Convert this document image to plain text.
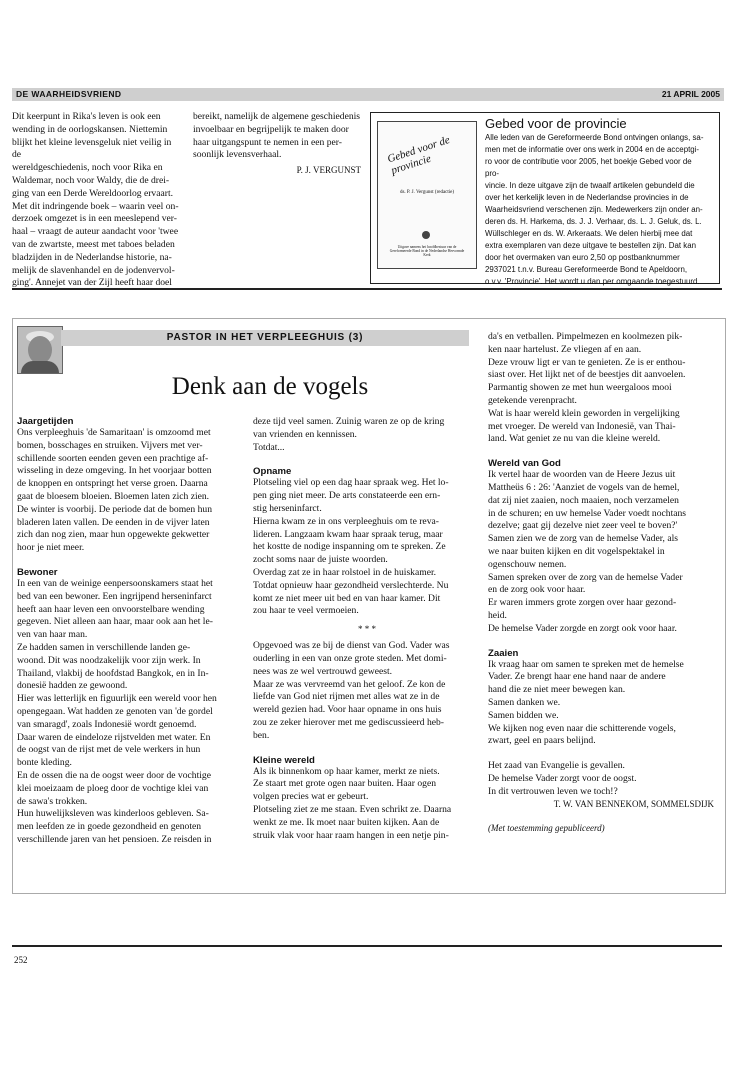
DE WAARHEIDSVRIEND	21 APRIL 2005
Dit keerpunt in Rika's leven is ook een
wending in de oorlogskansen. Niettemin
blijkt het kleine levensgeluk niet veilig in de
wereldgeschiedenis, noch voor Rika en
Waldemar, noch voor Waldy, die de drei-
ging van een Derde Wereldoorlog ervaart.
Met dit indringende boek – waarin veel on-
derzoek omgezet is in een meeslepend ver-
haal – vraagt de auteur aandacht voor 'twee
van de zwartste, meest met taboes beladen
bladzijden in de Nederlandse historie, na-
melijk de slavenhandel en de jodenvervol-
ging'. Annejet van der Zijl heeft haar doel
bereikt, namelijk de algemene geschiedenis
invoelbaar en begrijpelijk te maken door
haar uitgangspunt te nemen in een per-
soonlijk levensverhaal.
P. J. VERGUNST
Gebed voor de provincie
ds. P. J. Vergunst (redactie)
Uitgave namens het hoofdbestuur van de Gereformeerde Bond in de Nederlandse Hervormde Kerk
Gebed voor de provincie
Alle leden van de Gereformeerde Bond ontvingen onlangs, sa-
men met de informatie over ons werk in 2004 en de acceptgi-
ro voor de contributie voor 2005, het boekje Gebed voor de pro-
vincie. In deze uitgave zijn de twaalf artikelen gebundeld die
over het kerkelijk leven in de Nederlandse provincies in de
Waarheidsvriend verschenen zijn. Medewerkers zijn onder an-
deren ds. H. Harkema, ds. J. J. Verhaar, ds. L. J. Geluk, ds. L.
Wüllschleger en ds. W. Arkeraats. We delen hierbij mee dat
extra exemplaren van deze uitgave te bestellen zijn. Dat kan
door het overmaken van euro 2,50 op postbanknummer
2937021 t.n.v. Bureau Gereformeerde Bond te Apeldoorn,
o.v.v. 'Provincie'. Het wordt u dan per omgaande toegestuurd.
PASTOR IN HET VERPLEEGHUIS (3)
Denk aan de vogels
Jaargetijden
Ons verpleeghuis 'de Samaritaan' is omzoomd met
bomen, bosschages en struiken. Vijvers met ver-
schillende soorten eenden geven een prachtige af-
wisseling in deze omgeving. In het voorjaar botten
de knoppen en ontspringt het verse groen. Daarna
gaat de bloesem bloeien. Bloemen laten zich zien.
De winter is voorbij. De periode dat de bomen hun
bladeren laten vallen. De eenden in de vijver laten
zich dan nog zien, maar hun opgewekte gekwetter
hoor je niet meer.
Bewoner
In een van de weinige eenpersoonskamers staat het
bed van een bewoner. Een ingrijpend herseninfarct
heeft aan haar leven een onvoorstelbare wending
gegeven. Niet alleen aan haar, maar ook aan het le-
ven van haar man.
Ze hadden samen in verschillende landen ge-
woond. Dit was noodzakelijk voor zijn werk. In
Thailand, vlakbij de hoofdstad Bangkok, en in In-
donesië hadden ze gewoond.
Hier was letterlijk en figuurlijk een wereld voor hen
opengegaan. Wat hadden ze genoten van 'de gordel
van smaragd', zoals Indonesië wordt genoemd.
Daar waren de eindeloze rijstvelden met water. En
de oogst van de rijst met de vele werkers in hun
bonte kleding.
En de ossen die na de oogst weer door de vochtige
klei moeizaam de ploeg door de vochtige klei van
de sawa's trokken.
Hun huwelijksleven was kinderloos gebleven. Sa-
men leefden ze in goede gezondheid en genoten
verschillende jaren van het pensioen. Ze reisden in
deze tijd veel samen. Zuinig waren ze op de kring
van vrienden en kennissen.
Totdat...
Opname
Plotseling viel op een dag haar spraak weg. Het lo-
pen ging niet meer. De arts constateerde een ern-
stig herseninfarct.
Hierna kwam ze in ons verpleeghuis om te reva-
lideren. Langzaam kwam haar spraak terug, maar
het kostte de nodige inspanning om te spreken. Ze
zocht soms naar de juiste woorden.
Overdag zat ze in haar rolstoel in de huiskamer.
Totdat opnieuw haar gezondheid verslechterde. Nu
komt ze niet meer uit bed en van haar kamer. Dit
zou haar te veel vermoeien.
* * *
Opgevoed was ze bij de dienst van God. Vader was
ouderling in een van onze grote steden. Met domi-
nees was ze wel vertrouwd geweest.
Maar ze was vervreemd van het geloof. Ze kon de
liefde van God niet rijmen met alles wat ze in de
wereld gezien had. Voor haar opname in ons huis
zou ze zeker hierover met me gediscussieerd heb-
ben.
Kleine wereld
Als ik binnenkom op haar kamer, merkt ze niets.
Ze staart met grote ogen naar buiten. Haar ogen
volgen precies wat er gebeurt.
Plotseling ziet ze me staan. Even schrikt ze. Daarna
wenkt ze me. Ik moet naar buiten kijken. Aan de
struik vlak voor haar raam hangen in een netje pin-
da's en vetballen. Pimpelmezen en koolmezen pik-
ken naar hartelust. Ze vliegen af en aan.
Deze vrouw ligt er van te genieten. Ze is er enthou-
siast over. Het lijkt net of de beestjes dit aanvoelen.
Parmantig showen ze met hun weergaloos mooi
getekende verenpracht.
Wat is haar wereld klein geworden in vergelijking
met vroeger. De wereld van Indonesië, van Thai-
land. Wat geniet ze nu van die kleine wereld.
Wereld van God
Ik vertel haar de woorden van de Heere Jezus uit
Mattheüs 6 : 26: 'Aanziet de vogels van de hemel,
dat zij niet zaaien, noch maaien, noch verzamelen
in de schuren; en uw hemelse Vader voedt nochtans
dezelve; gaat gij dezelve niet zeer veel te boven?'
Samen zien we de zorg van de hemelse Vader, als
we naar buiten kijken en dit vogelspektakel in
ogenschouw nemen.
Samen spreken over de zorg van de hemelse Vader
en de zorg ook voor haar.
Er waren immers grote zorgen over haar gezond-
heid.
De hemelse Vader zorgde en zorgt ook voor haar.
Zaaien
Ik vraag haar om samen te spreken met de hemelse
Vader. Ze brengt haar ene hand naar de andere
hand die ze niet meer bewegen kan.
Samen danken we.
Samen bidden we.
We kijken nog even naar die schitterende vogels,
zwart, geel en paars belijnd.
Het zaad van Evangelie is gevallen.
De hemelse Vader zorgt voor de oogst.
In dit vertrouwen leven we toch!?
T. W. VAN BENNEKOM, SOMMELSDIJK
(Met toestemming gepubliceerd)
252
